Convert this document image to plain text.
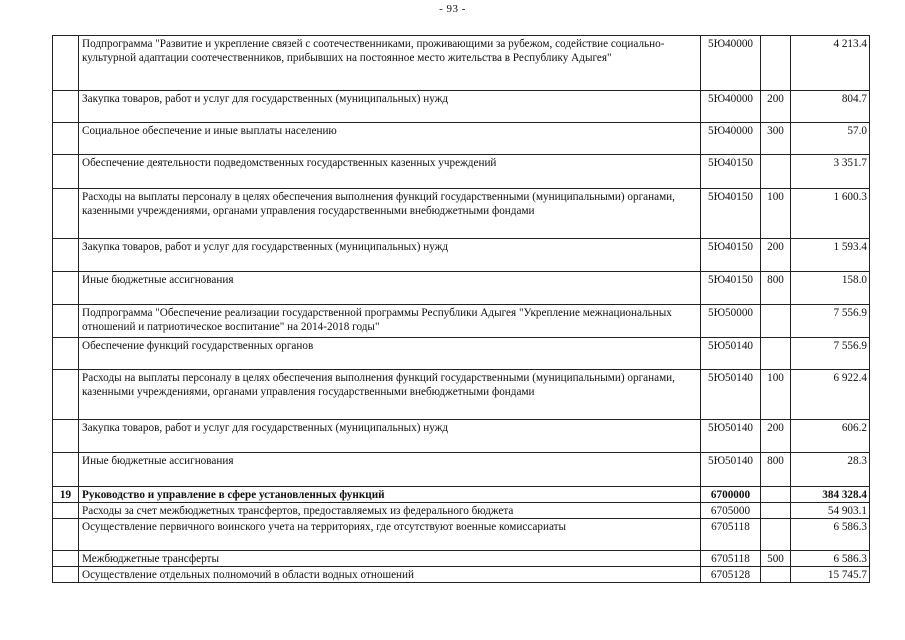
- 93 -
	Подпрограмма "Развитие и укрепление связей с соотечественниками, проживающими за рубежом, содействие социально-культурной адаптации соотечественников, прибывших на постоянное место жительства в Республику Адыгея"	5Ю40000		4 213.4
	Закупка товаров, работ и услуг для государственных (муниципальных) нужд	5Ю40000	200	804.7
	Социальное обеспечение и иные выплаты населению	5Ю40000	300	57.0
	Обеспечение деятельности подведомственных государственных казенных учреждений	5Ю40150		3 351.7
	Расходы на выплаты персоналу в целях обеспечения выполнения функций государственными (муниципальными) органами, казенными учреждениями, органами управления государственными внебюджетными фондами	5Ю40150	100	1 600.3
	Закупка товаров, работ и услуг для государственных (муниципальных) нужд	5Ю40150	200	1 593.4
	Иные бюджетные ассигнования	5Ю40150	800	158.0
	Подпрограмма "Обеспечение реализации государственной программы Республики Адыгея "Укрепление межнациональных отношений и патриотическое воспитание" на 2014-2018 годы"	5Ю50000		7 556.9
	Обеспечение функций государственных органов	5Ю50140		7 556.9
	Расходы на выплаты персоналу в целях обеспечения выполнения функций государственными (муниципальными) органами, казенными учреждениями, органами управления государственными внебюджетными фондами	5Ю50140	100	6 922.4
	Закупка товаров, работ и услуг для государственных (муниципальных) нужд	5Ю50140	200	606.2
	Иные бюджетные ассигнования	5Ю50140	800	28.3
19	Руководство и управление в сфере установленных функций	6700000		384 328.4
	Расходы за счет межбюджетных трансфертов, предоставляемых из федерального бюджета	6705000		54 903.1
	Осуществление первичного воинского учета на территориях, где отсутствуют военные комиссариаты	6705118		6 586.3
	Межбюджетные трансферты	6705118	500	6 586.3
	Осуществление отдельных полномочий в области водных отношений	6705128		15 745.7
